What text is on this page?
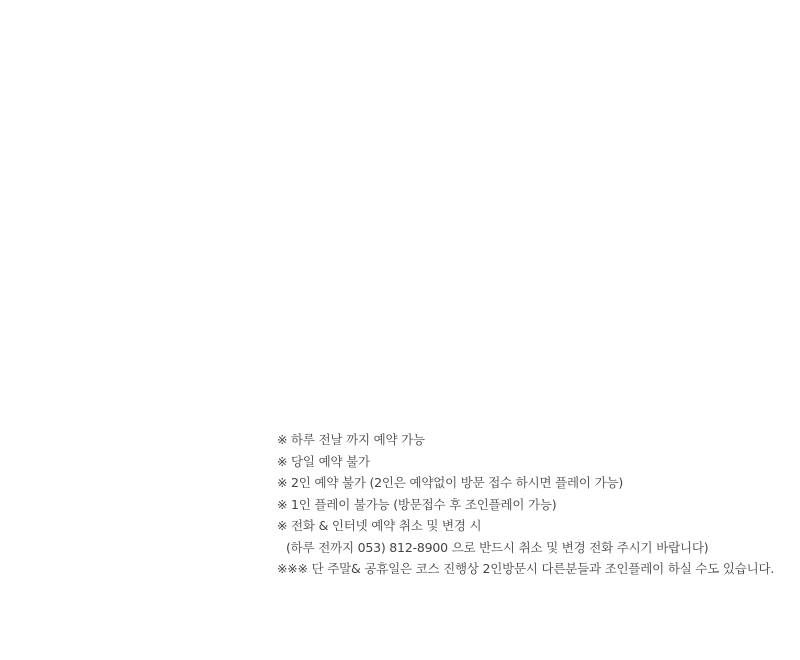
※ 하루 전날 까지 예약 가능
※ 당일 예약 불가
※ 2인 예약 불가 (2인은 예약없이 방문 접수 하시면 플레이 가능)
※ 1인 플레이 불가능 (방문접수 후 조인플레이 가능)
※ 전화 & 인터넷 예약 취소 및 변경 시
(하루 전까지 053) 812-8900 으로 반드시 취소 및 변경 전화 주시기 바랍니다)
※※※ 단 주말& 공휴일은 코스 진행상 2인방문시 다른분들과 조인플레이 하실 수도 있습니다.
